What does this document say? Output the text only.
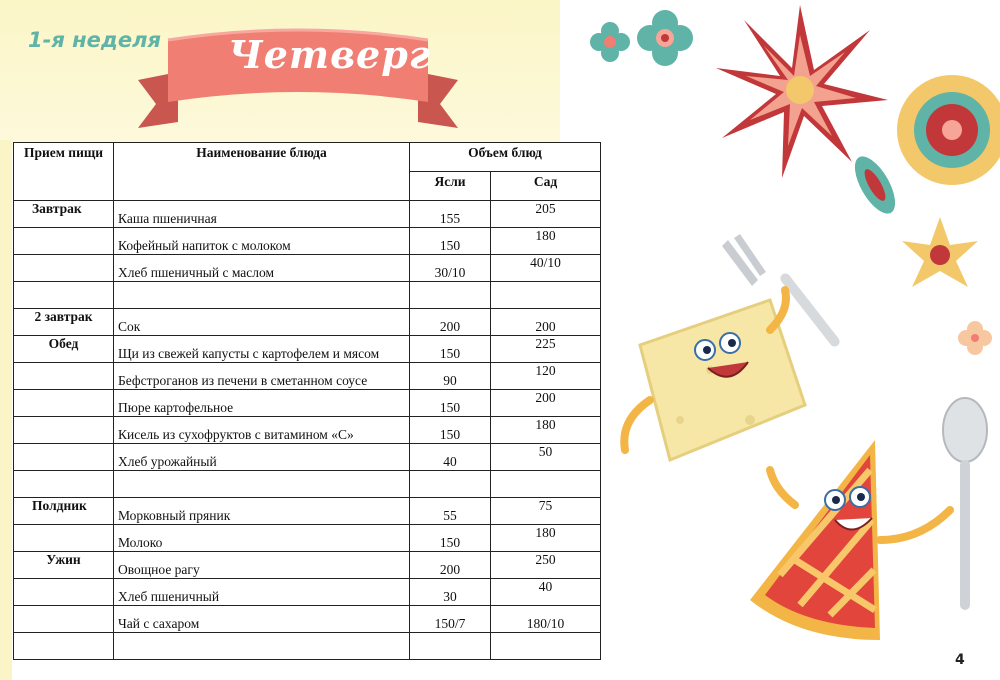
1-я неделя Четверг
Прием пищи	Наименование блюда	Объем блюд	
		Ясли	Сад
Завтрак	Каша пшеничная	155	205
	Кофейный напиток с молоком	150	180
	Хлеб пшеничный с маслом	30/10	40/10

2 завтрак	Сок	200	200
Обед	Щи из свежей капусты с картофелем и мясом	150	225
	Бефстроганов из печени в сметанном соусе	90	120
	Пюре картофельное	150	200
	Кисель из сухофруктов с витамином «С»	150	180
	Хлеб урожайный	40	50

Полдник	Морковный пряник	55	75
	Молоко	150	180
Ужин	Овощное рагу	200	250
	Хлеб пшеничный	30	40
	Чай с сахаром	150/7	180/10

4
